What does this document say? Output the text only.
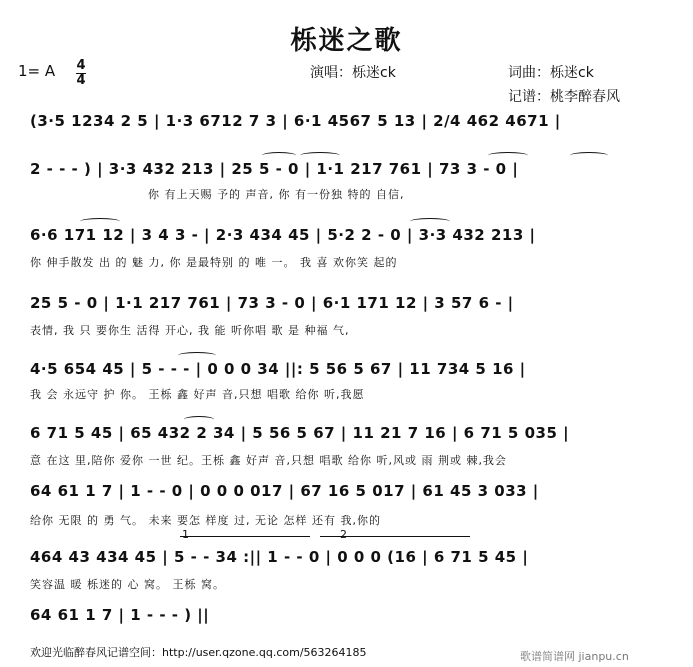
栎迷之歌
1= A 4
4	演唱：栎迷ck	词曲：栎迷ck
记谱：桃李醉春风
(3·5 1234 2 5 | 1·3 6712 7 3 | 6·1 4567 5 13 | 2/4 462 4671 |
2 - - - ) | 3·3 432 213 | 25 5 - 0 | 1·1 217 761 | 73 3 - 0 |
你 有上天赐 予的 声音, 你 有一份独 特的 自信,
6·6 171 12 | 3 4 3 - | 2·3 434 45 | 5·2 2 - 0 | 3·3 432 213 |
你 伸手散发 出 的 魅 力, 你 是最特别 的 唯 一。 我 喜 欢你笑 起的
25 5 - 0 | 1·1 217 761 | 73 3 - 0 | 6·1 171 12 | 3 57 6 - |
表情, 我 只 要你生 活得 开心, 我 能 听你唱 歌 是 种福 气,
4·5 654 45 | 5 - - - | 0 0 0 34 ||: 5 56 5 67 | 11 734 5 16 |
我 会 永远守 护 你。 王栎 鑫 好声 音,只想 唱歌 给你 听,我愿
6 71 5 45 | 65 432 2 34 | 5 56 5 67 | 11 21 7 16 | 6 71 5 035 |
意 在这 里,陪你 爱你 一世 纪。王栎 鑫 好声 音,只想 唱歌 给你 听,风或 雨 荆或 棘,我会
64 61 1 7 | 1 - - 0 | 0 0 0 017 | 67 16 5 017 | 61 45 3 033 |
给你 无限 的 勇 气。 未来 要怎 样度 过, 无论 怎样 还有 我,你的
1	2
464 43 434 45 | 5 - - 34 :|| 1 - - 0 | 0 0 0 (16 | 6 71 5 45 |
笑容温 暖 栎迷的 心 窝。 王栎 窝。
64 61 1 7 | 1 - - - ) ||
欢迎光临醉春风记谱空间：http://user.qzone.qq.com/563264185	歌谱简谱网 jianpu.cn
